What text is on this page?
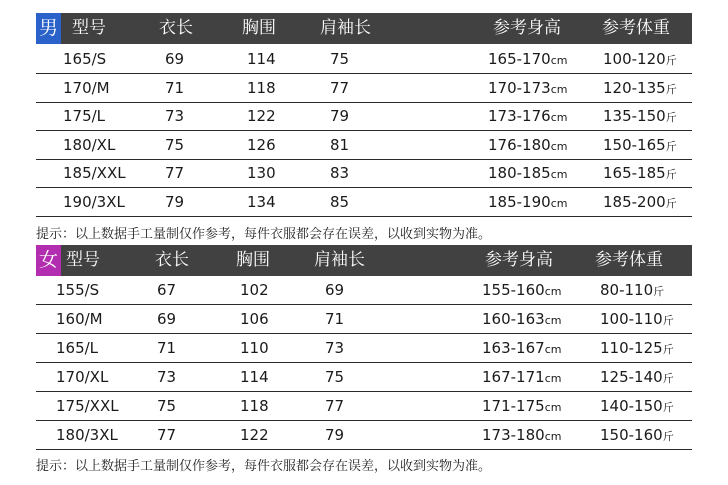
男 型号	衣长	胸围	肩袖长	参考身高 参考体重
165/S	69	114	75	165-170cm 100-120斤
170/M	71	118	77	170-173cm 120-135斤
175/L	73	122	79	173-176cm 135-150斤
180/XL	75	126	81	176-180cm 150-165斤
185/XXL	77	130	83	180-185cm 165-185斤
190/3XL	79	134	85	185-190cm 185-200斤
提示：以上数据手工量制仅作参考，每件衣服都会存在误差，以收到实物为准。
女 型号	衣长	胸围	肩袖长	参考身高 参考体重
155/S	67	102	69	155-160cm	80-110斤
160/M	69	106	71	160-163cm	100-110斤
165/L	71	110	73	163-167cm	110-125斤
170/XL	73	114	75	167-171cm	125-140斤
175/XXL	75	118	77	171-175cm	140-150斤
180/3XL	77	122	79	173-180cm	150-160斤
提示：以上数据手工量制仅作参考，每件衣服都会存在误差，以收到实物为准。
